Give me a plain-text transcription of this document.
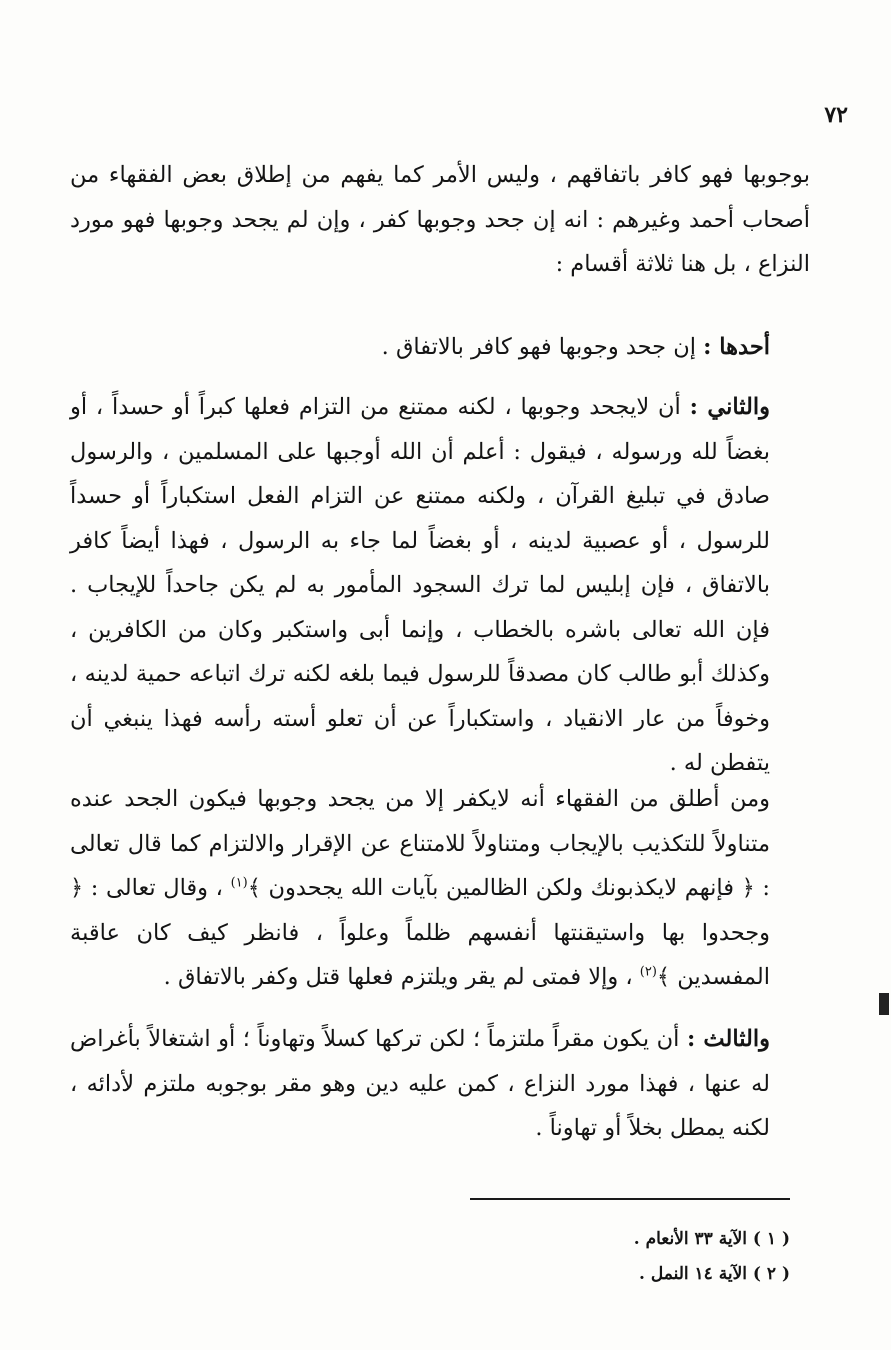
٧٢

بوجوبها فهو كافر باتفاقهم ، وليس الأمر كما يفهم من إطلاق بعض الفقهاء من أصحاب أحمد وغيرهم : انه إن جحد وجوبها كفر ، وإن لم يجحد وجوبها فهو مورد النزاع ، بل هنا ثلاثة أقسام :

أحدها : إن جحد وجوبها فهو كافر بالاتفاق .

والثاني : أن لايجحد وجوبها ، لكنه ممتنع من التزام فعلها كبراً أو حسداً ، أو بغضاً لله ورسوله ، فيقول : أعلم أن الله أوجبها على المسلمين ، والرسول صادق في تبليغ القرآن ، ولكنه ممتنع عن التزام الفعل استكباراً أو حسداً للرسول ، أو عصبية لدينه ، أو بغضاً لما جاء به الرسول ، فهذا أيضاً كافر بالاتفاق ، فإن إبليس لما ترك السجود المأمور به لم يكن جاحداً للإيجاب . فإن الله تعالى باشره بالخطاب ، وإنما أبى واستكبر وكان من الكافرين ، وكذلك أبو طالب كان مصدقاً للرسول فيما بلغه لكنه ترك اتباعه حمية لدينه ، وخوفاً من عار الانقياد ، واستكباراً عن أن تعلو أسته رأسه فهذا ينبغي أن يتفطن له .

ومن أطلق من الفقهاء أنه لايكفر إلا من يجحد وجوبها فيكون الجحد عنده متناولاً للتكذيب بالإيجاب ومتناولاً للامتناع عن الإقرار والالتزام كما قال تعالى : ﴿ فإنهم لايكذبونك ولكن الظالمين بآيات الله يجحدون ﴾$^{(١)}$ ، وقال تعالى : ﴿ وجحدوا بها واستيقنتها أنفسهم ظلماً وعلواً ، فانظر كيف كان عاقبة المفسدين ﴾$^{(٢)}$ ، وإلا فمتى لم يقر ويلتزم فعلها قتل وكفر بالاتفاق .

والثالث : أن يكون مقراً ملتزماً ؛ لكن تركها كسلاً وتهاوناً ؛ أو اشتغالاً بأغراض له عنها ، فهذا مورد النزاع ، كمن عليه دين وهو مقر بوجوبه ملتزم لأدائه ، لكنه يمطل بخلاً أو تهاوناً .

( ١ ) الآية ٣٣ الأنعام .

( ٢ ) الآية ١٤ النمل .
